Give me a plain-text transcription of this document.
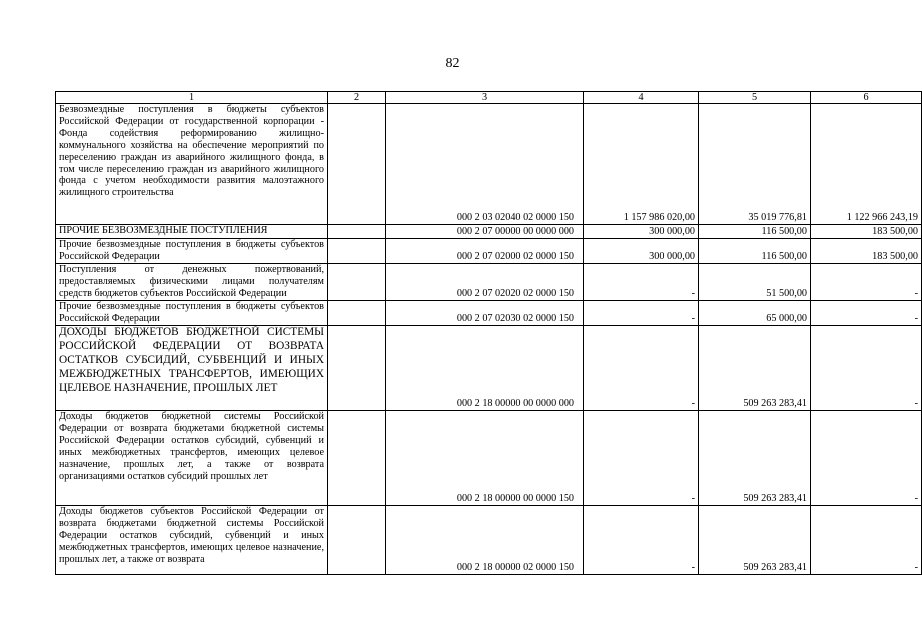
82
1	2	3	4	5	6
Безвозмездные поступления в бюджеты субъектов Российской Федерации от государственной корпорации - Фонда содействия реформированию жилищно-коммунального хозяйства на обеспечение мероприятий по переселению граждан из аварийного жилищного фонда, в том числе переселению граждан из аварийного жилищного фонда с учетом необходимости развития малоэтажного жилищного строительства		000 2 03 02040 02 0000 150	1 157 986 020,00	35 019 776,81	1 122 966 243,19
ПРОЧИЕ БЕЗВОЗМЕЗДНЫЕ ПОСТУПЛЕНИЯ		000 2 07 00000 00 0000 000	300 000,00	116 500,00	183 500,00
Прочие безвозмездные поступления в бюджеты субъектов Российской Федерации		000 2 07 02000 02 0000 150	300 000,00	116 500,00	183 500,00
Поступления от денежных пожертвований, предоставляемых физическими лицами получателям средств бюджетов субъектов Российской Федерации		000 2 07 02020 02 0000 150	-	51 500,00	-
Прочие безвозмездные поступления в бюджеты субъектов Российской Федерации		000 2 07 02030 02 0000 150	-	65 000,00	-
ДОХОДЫ БЮДЖЕТОВ БЮДЖЕТНОЙ СИСТЕМЫ РОССИЙСКОЙ ФЕДЕРАЦИИ ОТ ВОЗВРАТА ОСТАТКОВ СУБСИДИЙ, СУБВЕНЦИЙ И ИНЫХ МЕЖБЮДЖЕТНЫХ ТРАНСФЕРТОВ, ИМЕЮЩИХ ЦЕЛЕВОЕ НАЗНАЧЕНИЕ, ПРОШЛЫХ ЛЕТ		000 2 18 00000 00 0000 000	-	509 263 283,41	-
Доходы бюджетов бюджетной системы Российской Федерации от возврата бюджетами бюджетной системы Российской Федерации остатков субсидий, субвенций и иных межбюджетных трансфертов, имеющих целевое назначение, прошлых лет, а также от возврата организациями остатков субсидий прошлых лет		000 2 18 00000 00 0000 150	-	509 263 283,41	-
Доходы бюджетов субъектов Российской Федерации от возврата бюджетами бюджетной системы Российской Федерации остатков субсидий, субвенций и иных межбюджетных трансфертов, имеющих целевое назначение, прошлых лет, а также от возврата		000 2 18 00000 02 0000 150	-	509 263 283,41	-
